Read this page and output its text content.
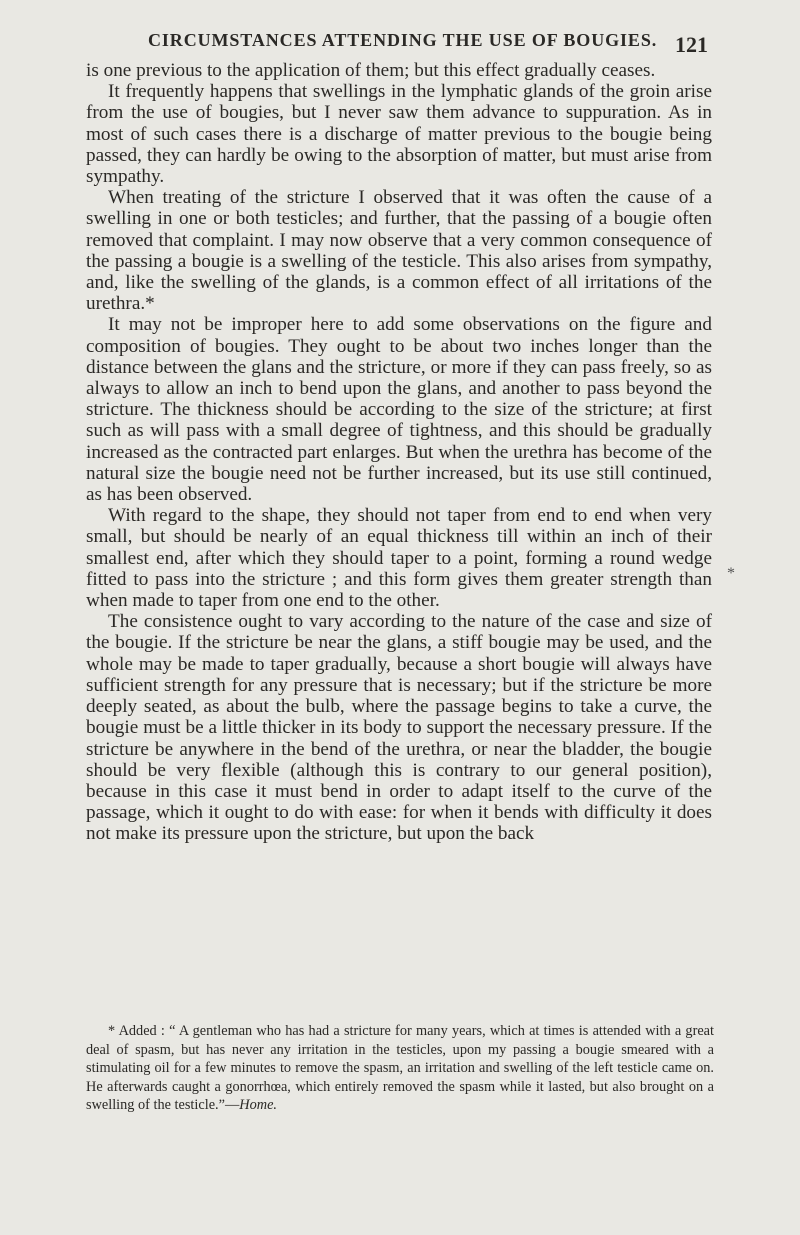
CIRCUMSTANCES ATTENDING THE USE OF BOUGIES. 121

is one previous to the application of them; but this effect gradually ceases.

It frequently happens that swellings in the lymphatic glands of the groin arise from the use of bougies, but I never saw them advance to suppuration. As in most of such cases there is a discharge of matter previous to the bougie being passed, they can hardly be owing to the absorption of matter, but must arise from sympathy.

When treating of the stricture I observed that it was often the cause of a swelling in one or both testicles; and further, that the passing of a bougie often removed that complaint. I may now observe that a very common consequence of the passing a bougie is a swelling of the testicle. This also arises from sympathy, and, like the swelling of the glands, is a common effect of all irritations of the urethra.*

It may not be improper here to add some observations on the figure and composition of bougies. They ought to be about two inches longer than the distance between the glans and the stricture, or more if they can pass freely, so as always to allow an inch to bend upon the glans, and another to pass beyond the stricture. The thickness should be according to the size of the stricture; at first such as will pass with a small degree of tightness, and this should be gradually increased as the contracted part enlarges. But when the urethra has become of the natural size the bougie need not be further increased, but its use still continued, as has been observed.

With regard to the shape, they should not taper from end to end when very small, but should be nearly of an equal thickness till within an inch of their smallest end, after which they should taper to a point, forming a round wedge fitted to pass into the stricture ; and this form gives them greater strength than when made to taper from one end to the other.

The consistence ought to vary according to the nature of the case and size of the bougie. If the stricture be near the glans, a stiff bougie may be used, and the whole may be made to taper gradually, because a short bougie will always have sufficient strength for any pressure that is necessary; but if the stricture be more deeply seated, as about the bulb, where the passage begins to take a curve, the bougie must be a little thicker in its body to support the necessary pressure. If the stricture be anywhere in the bend of the urethra, or near the bladder, the bougie should be very flexible (although this is contrary to our general position), because in this case it must bend in order to adapt itself to the curve of the passage, which it ought to do with ease: for when it bends with difficulty it does not make its pressure upon the stricture, but upon the back

*
* Added : “ A gentleman who has had a stricture for many years, which at times is attended with a great deal of spasm, but has never any irritation in the testicles, upon my passing a bougie smeared with a stimulating oil for a few minutes to remove the spasm, an irritation and swelling of the left testicle came on. He afterwards caught a gonorrhœa, which entirely removed the spasm while it lasted, but also brought on a swelling of the testicle.”—Home.
